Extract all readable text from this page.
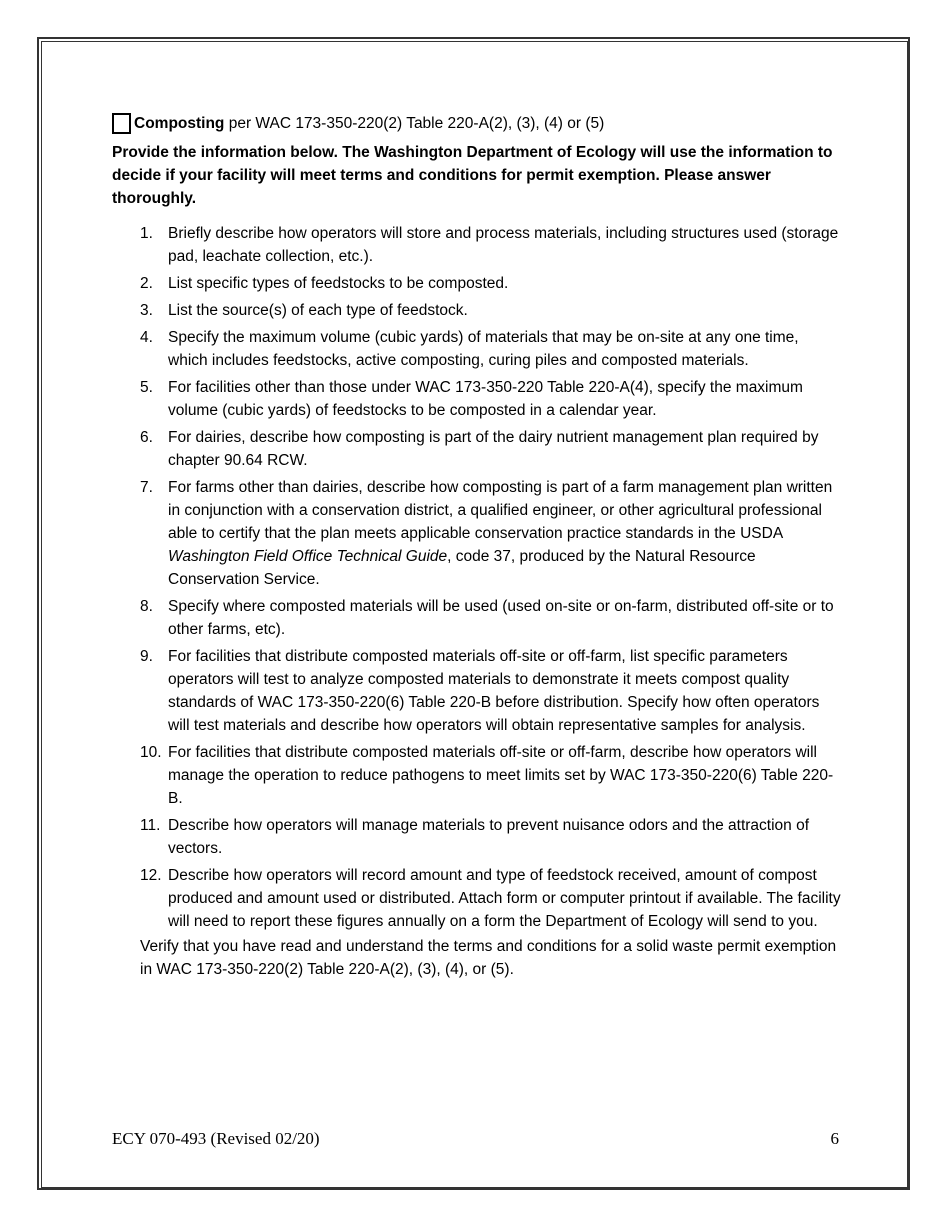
Composting per WAC 173-350-220(2) Table 220-A(2), (3), (4) or (5)

Provide the information below. The Washington Department of Ecology will use the information to decide if your facility will meet terms and conditions for permit exemption. Please answer thoroughly.

1. Briefly describe how operators will store and process materials, including structures used (storage pad, leachate collection, etc.).
2. List specific types of feedstocks to be composted.
3. List the source(s) of each type of feedstock.
4. Specify the maximum volume (cubic yards) of materials that may be on-site at any one time, which includes feedstocks, active composting, curing piles and composted materials.
5. For facilities other than those under WAC 173-350-220 Table 220-A(4), specify the maximum volume (cubic yards) of feedstocks to be composted in a calendar year.
6. For dairies, describe how composting is part of the dairy nutrient management plan required by chapter 90.64 RCW.
7. For farms other than dairies, describe how composting is part of a farm management plan written in conjunction with a conservation district, a qualified engineer, or other agricultural professional able to certify that the plan meets applicable conservation practice standards in the USDA Washington Field Office Technical Guide, code 37, produced by the Natural Resource Conservation Service.
8. Specify where composted materials will be used (used on-site or on-farm, distributed off-site or to other farms, etc).
9. For facilities that distribute composted materials off-site or off-farm, list specific parameters operators will test to analyze composted materials to demonstrate it meets compost quality standards of WAC 173-350-220(6) Table 220-B before distribution. Specify how often operators will test materials and describe how operators will obtain representative samples for analysis.
10. For facilities that distribute composted materials off-site or off-farm, describe how operators will manage the operation to reduce pathogens to meet limits set by WAC 173-350-220(6) Table 220-B.
11. Describe how operators will manage materials to prevent nuisance odors and the attraction of vectors.
12. Describe how operators will record amount and type of feedstock received, amount of compost produced and amount used or distributed. Attach form or computer printout if available. The facility will need to report these figures annually on a form the Department of Ecology will send to you.
Verify that you have read and understand the terms and conditions for a solid waste permit exemption in WAC 173-350-220(2) Table 220-A(2), (3), (4), or (5).
ECY 070-493 (Revised 02/20)	6
